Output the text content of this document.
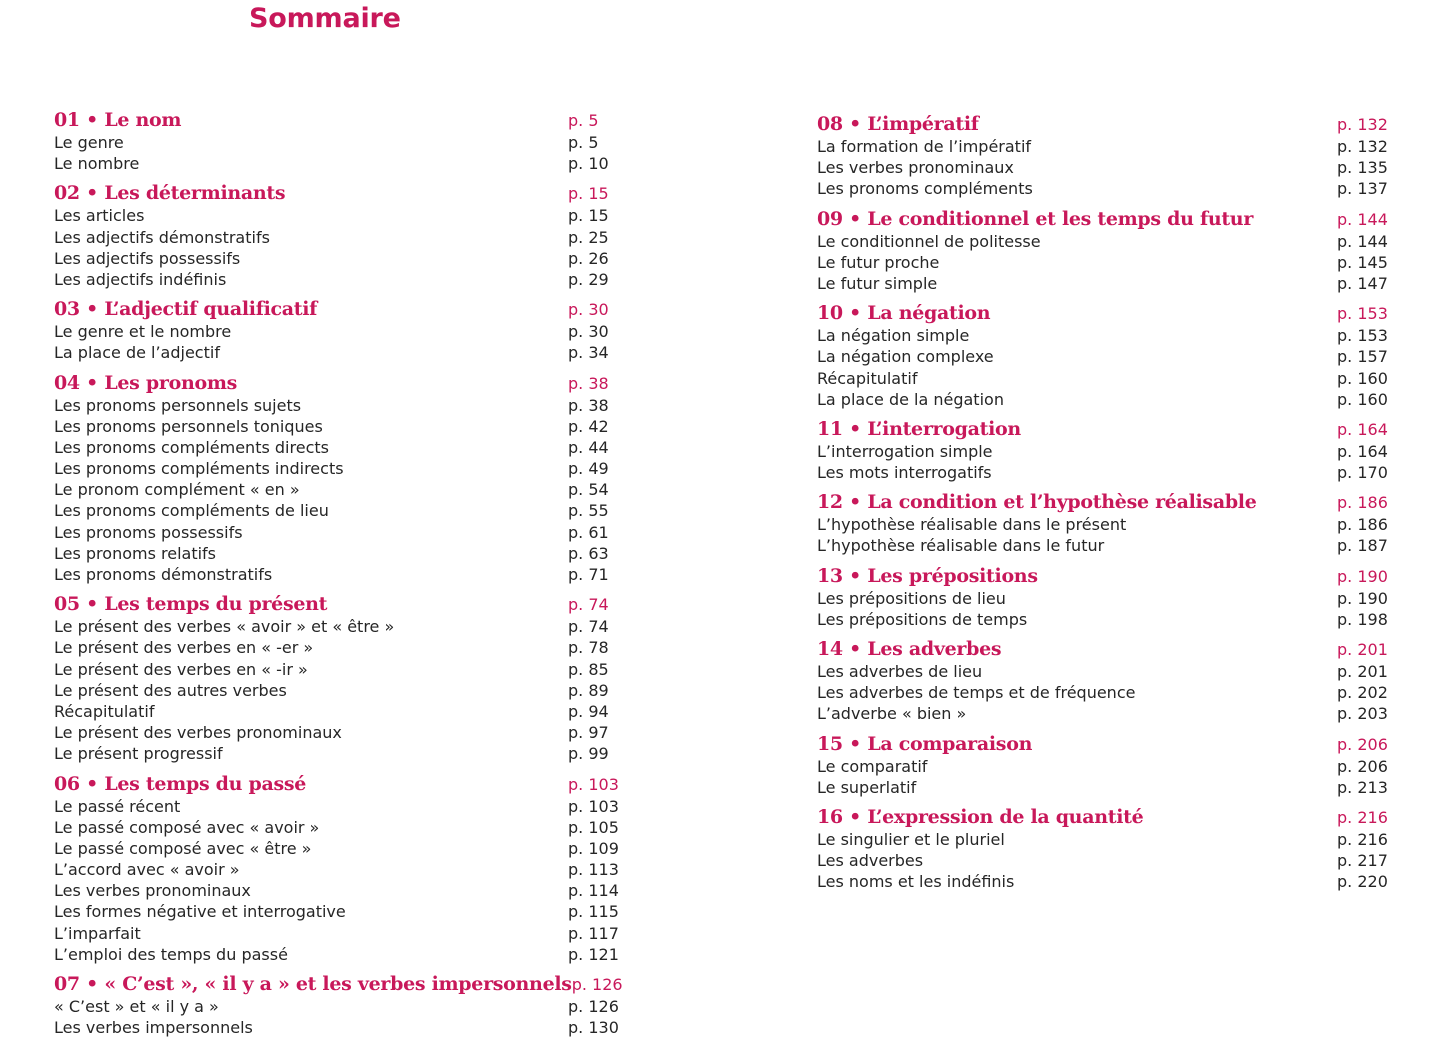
Sommaire
01 • Le nom	p. 5
Le genre	p. 5
Le nombre	p. 10
02 • Les déterminants	p. 15
Les articles	p. 15
Les adjectifs démonstratifs	p. 25
Les adjectifs possessifs	p. 26
Les adjectifs indéfinis	p. 29
03 • L’adjectif qualificatif	p. 30
Le genre et le nombre	p. 30
La place de l’adjectif	p. 34
04 • Les pronoms	p. 38
Les pronoms personnels sujets	p. 38
Les pronoms personnels toniques	p. 42
Les pronoms compléments directs	p. 44
Les pronoms compléments indirects	p. 49
Le pronom complément « en »	p. 54
Les pronoms compléments de lieu	p. 55
Les pronoms possessifs	p. 61
Les pronoms relatifs	p. 63
Les pronoms démonstratifs	p. 71
05 • Les temps du présent	p. 74
Le présent des verbes « avoir » et « être »	p. 74
Le présent des verbes en « -er »	p. 78
Le présent des verbes en « -ir »	p. 85
Le présent des autres verbes	p. 89
Récapitulatif	p. 94
Le présent des verbes pronominaux	p. 97
Le présent progressif	p. 99
06 • Les temps du passé	p. 103
Le passé récent	p. 103
Le passé composé avec « avoir »	p. 105
Le passé composé avec « être »	p. 109
L’accord avec « avoir »	p. 113
Les verbes pronominaux	p. 114
Les formes négative et interrogative	p. 115
L’imparfait	p. 117
L’emploi des temps du passé	p. 121
07 • « C’est », « il y a » et les verbes impersonnels p. 126
« C’est » et « il y a »	p. 126
Les verbes impersonnels	p. 130
08 • L’impératif	p. 132
La formation de l’impératif	p. 132
Les verbes pronominaux	p. 135
Les pronoms compléments	p. 137
09 • Le conditionnel et les temps du futur	p. 144
Le conditionnel de politesse	p. 144
Le futur proche	p. 145
Le futur simple	p. 147
10 • La négation	p. 153
La négation simple	p. 153
La négation complexe	p. 157
Récapitulatif	p. 160
La place de la négation	p. 160
11 • L’interrogation	p. 164
L’interrogation simple	p. 164
Les mots interrogatifs	p. 170
12 • La condition et l’hypothèse réalisable	p. 186
L’hypothèse réalisable dans le présent	p. 186
L’hypothèse réalisable dans le futur	p. 187
13 • Les prépositions	p. 190
Les prépositions de lieu	p. 190
Les prépositions de temps	p. 198
14 • Les adverbes	p. 201
Les adverbes de lieu	p. 201
Les adverbes de temps et de fréquence	p. 202
L’adverbe « bien »	p. 203
15 • La comparaison	p. 206
Le comparatif	p. 206
Le superlatif	p. 213
16 • L’expression de la quantité	p. 216
Le singulier et le pluriel	p. 216
Les adverbes	p. 217
Les noms et les indéfinis	p. 220
